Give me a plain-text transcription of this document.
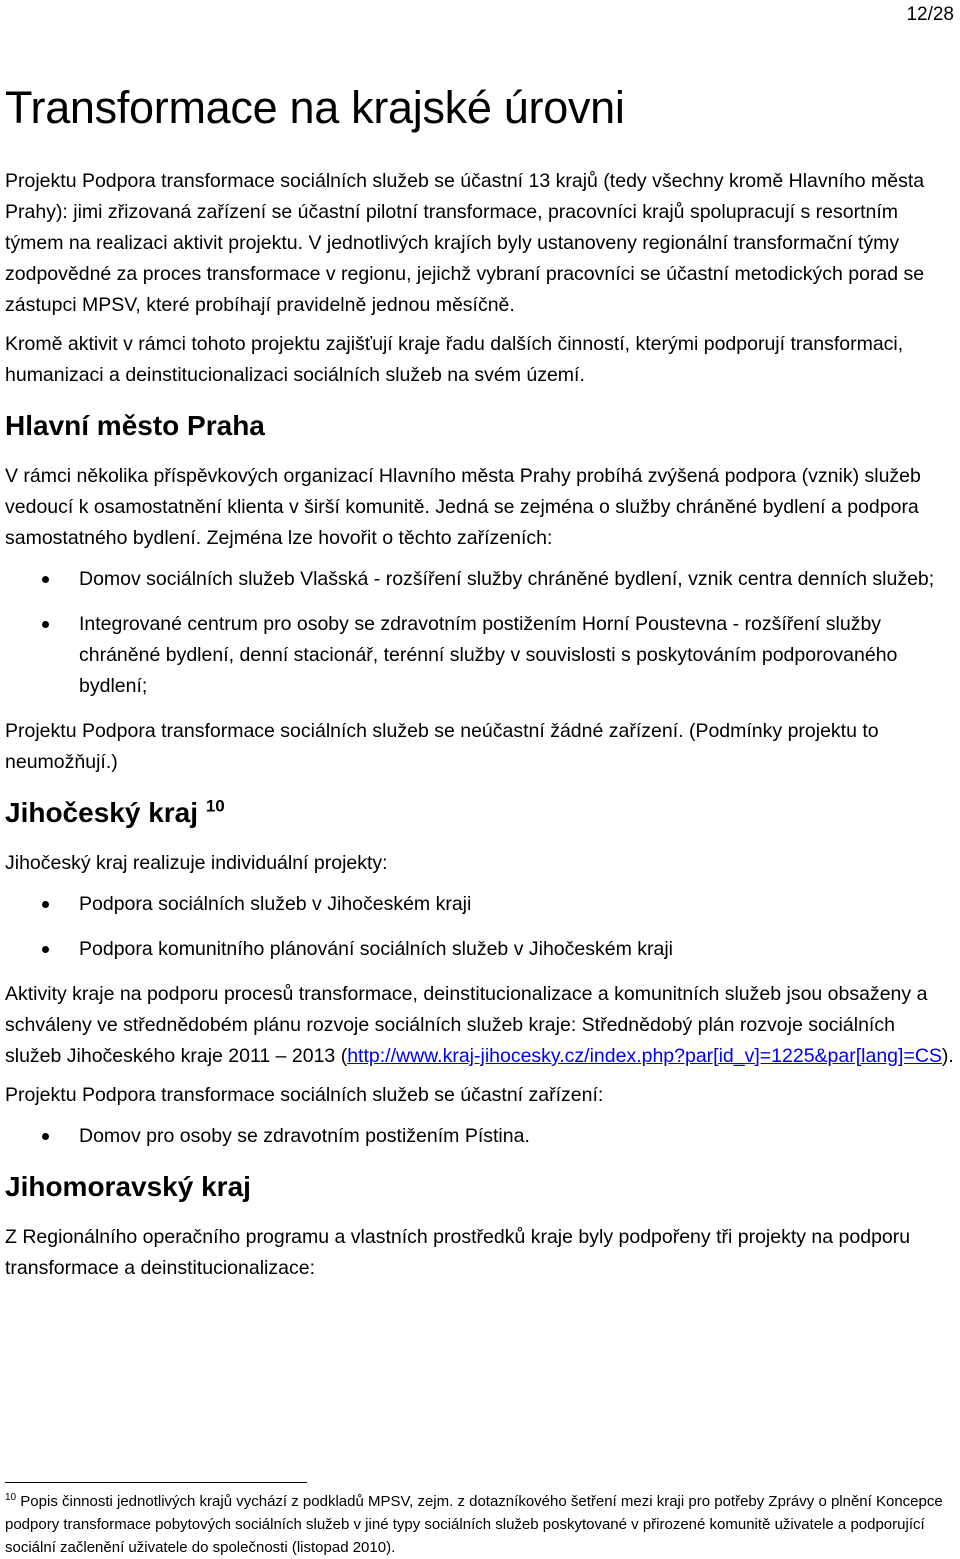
12/28
Transformace na krajské úrovni

Projektu Podpora transformace sociálních služeb se účastní 13 krajů (tedy všechny kromě Hlavního města Prahy): jimi zřizovaná zařízení se účastní pilotní transformace, pracovníci krajů spolupracují s resortním týmem na realizaci aktivit projektu. V jednotlivých krajích byly ustanoveny regionální transformační týmy zodpovědné za proces transformace v regionu, jejichž vybraní pracovníci se účastní metodických porad se zástupci MPSV, které probíhají pravidelně jednou měsíčně.

Kromě aktivit v rámci tohoto projektu zajišťují kraje řadu dalších činností, kterými podporují transformaci, humanizaci a deinstitucionalizaci sociálních služeb na svém území.

Hlavní město Praha

V rámci několika příspěvkových organizací Hlavního města Prahy probíhá zvýšená podpora (vznik) služeb vedoucí k osamostatnění klienta v širší komunitě. Jedná se zejména o služby chráněné bydlení a podpora samostatného bydlení. Zejména lze hovořit o těchto zařízeních:

Domov sociálních služeb Vlašská - rozšíření služby chráněné bydlení, vznik centra denních služeb;
Integrované centrum pro osoby se zdravotním postižením Horní Poustevna - rozšíření služby chráněné bydlení, denní stacionář, terénní služby v souvislosti s poskytováním podporovaného bydlení;

Projektu Podpora transformace sociálních služeb se neúčastní žádné zařízení. (Podmínky projektu to neumožňují.)

Jihočeský kraj $^{10}$

Jihočeský kraj realizuje individuální projekty:

Podpora sociálních služeb v Jihočeském kraji
Podpora komunitního plánování sociálních služeb v Jihočeském kraji

Aktivity kraje na podporu procesů transformace, deinstitucionalizace a komunitních služeb jsou obsaženy a schváleny ve střednědobém plánu rozvoje sociálních služeb kraje: Střednědobý plán rozvoje sociálních služeb Jihočeského kraje 2011 – 2013 (http://www.kraj-jihocesky.cz/index.php?par[id_v]=1225&par[lang]=CS).

Projektu Podpora transformace sociálních služeb se účastní zařízení:

Domov pro osoby se zdravotním postižením Pístina.
Jihomoravský kraj

Z Regionálního operačního programu a vlastních prostředků kraje byly podpořeny tři projekty na podporu transformace a deinstitucionalizace:

$^{10}$ Popis činnosti jednotlivých krajů vychází z podkladů MPSV, zejm. z dotazníkového šetření mezi kraji pro potřeby Zprávy o plnění Koncepce podpory transformace pobytových sociálních služeb v jiné typy sociálních služeb poskytované v přirozené komunitě uživatele a podporující sociální začlenění uživatele do společnosti (listopad 2010).
